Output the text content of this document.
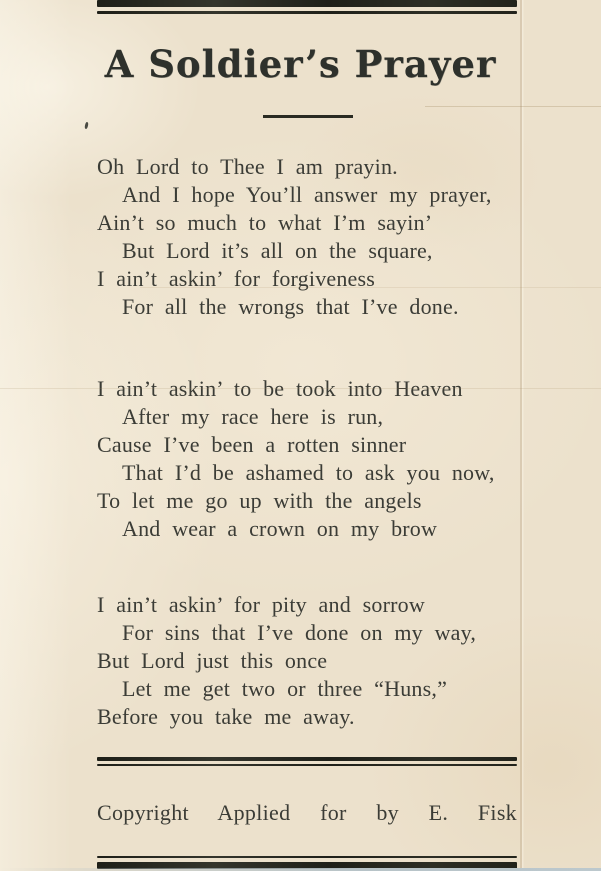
A Soldier’s Prayer

Oh Lord to Thee I am prayin.

And I hope You’ll answer my prayer,

Ain’t so much to what I’m sayin’

But Lord it’s all on the square,

I ain’t askin’ for forgiveness

For all the wrongs that I’ve done.

I ain’t askin’ to be took into Heaven

After my race here is run,

Cause I’ve been a rotten sinner

That I’d be ashamed to ask you now,

To let me go up with the angels

And wear a crown on my brow

I ain’t askin’ for pity and sorrow

For sins that I’ve done on my way,

But Lord just this once

Let me get two or three “Huns,”

Before you take me away.

Copyright Applied for by E. Fisk
